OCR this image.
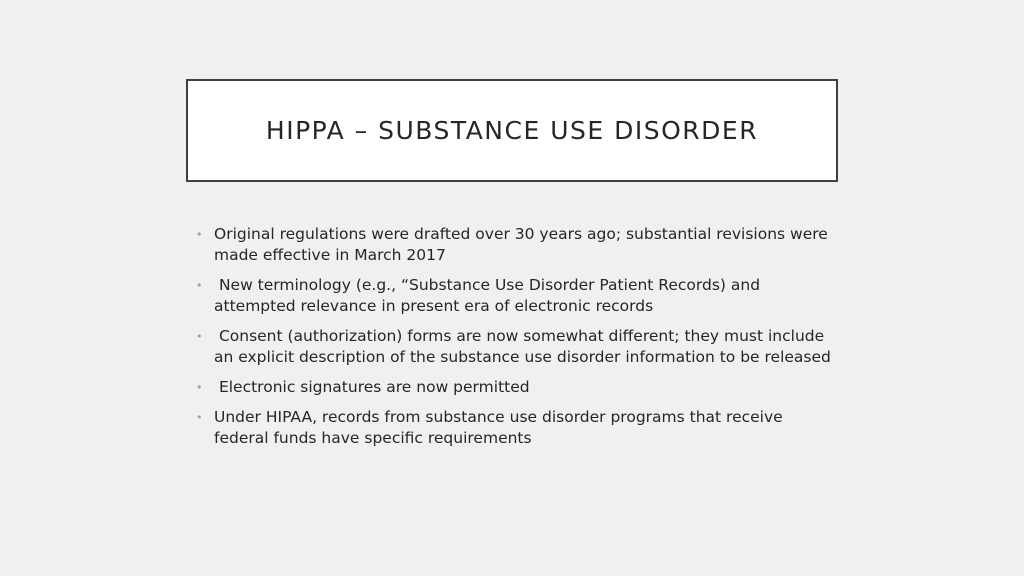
HIPPA – SUBSTANCE USE DISORDER
• Original regulations were drafted over 30 years ago; substantial revisions were made effective in March 2017
• New terminology (e.g., “Substance Use Disorder Patient Records) and attempted relevance in present era of electronic records
• Consent (authorization) forms are now somewhat different; they must include an explicit description of the substance use disorder information to be released
• Electronic signatures are now permitted
• Under HIPAA, records from substance use disorder programs that receive federal funds have specific requirements
